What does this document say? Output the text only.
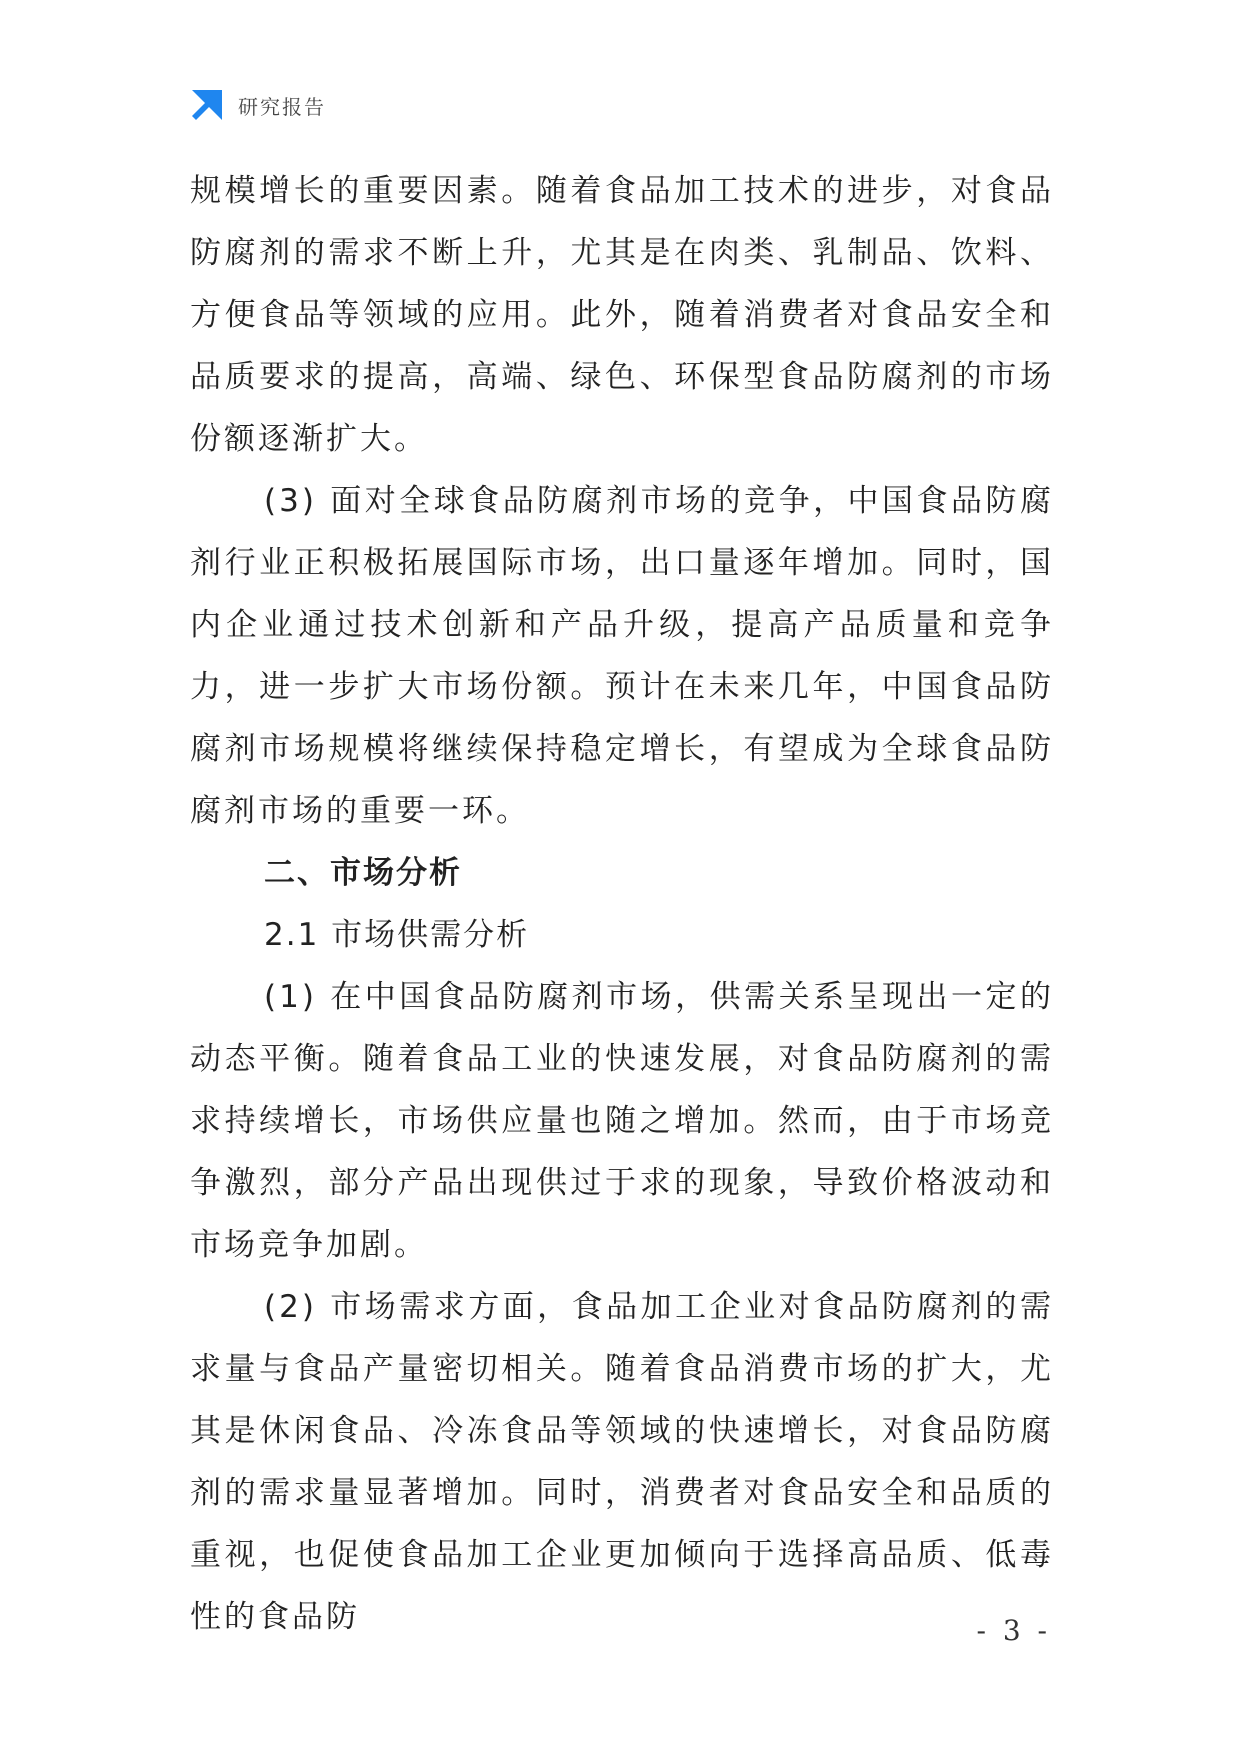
研究报告

规模增长的重要因素。随着食品加工技术的进步，对食品防腐剂的需求不断上升，尤其是在肉类、乳制品、饮料、方便食品等领域的应用。此外，随着消费者对食品安全和品质要求的提高，高端、绿色、环保型食品防腐剂的市场份额逐渐扩大。

(3) 面对全球食品防腐剂市场的竞争，中国食品防腐剂行业正积极拓展国际市场，出口量逐年增加。同时，国内企业通过技术创新和产品升级，提高产品质量和竞争力，进一步扩大市场份额。预计在未来几年，中国食品防腐剂市场规模将继续保持稳定增长，有望成为全球食品防腐剂市场的重要一环。

二、市场分析

2.1 市场供需分析

(1) 在中国食品防腐剂市场，供需关系呈现出一定的动态平衡。随着食品工业的快速发展，对食品防腐剂的需求持续增长，市场供应量也随之增加。然而，由于市场竞争激烈，部分产品出现供过于求的现象，导致价格波动和市场竞争加剧。

(2) 市场需求方面，食品加工企业对食品防腐剂的需求量与食品产量密切相关。随着食品消费市场的扩大，尤其是休闲食品、冷冻食品等领域的快速增长，对食品防腐剂的需求量显著增加。同时，消费者对食品安全和品质的重视，也促使食品加工企业更加倾向于选择高品质、低毒性的食品防	- 3 -
